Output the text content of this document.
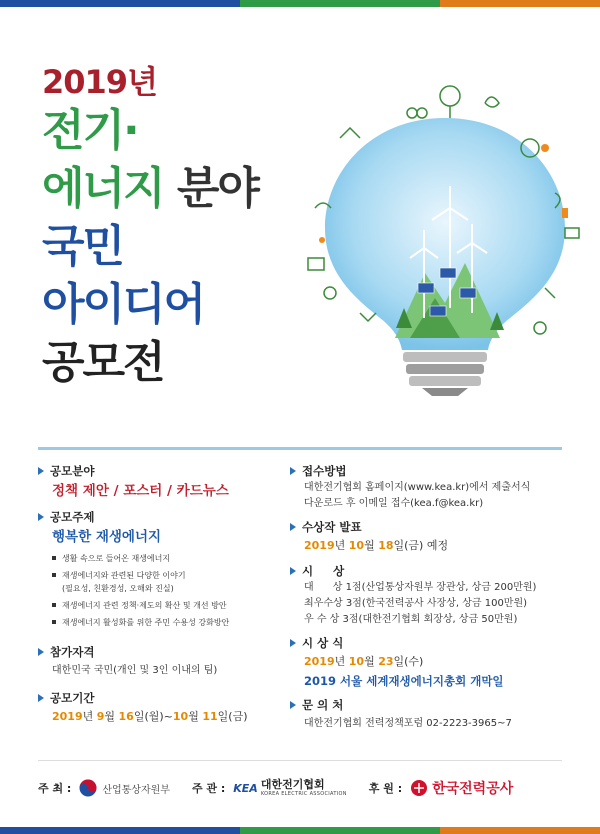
2019년
전기·
에너지 분야
국민
아이디어
공모전
공모분야
정책 제안 / 포스터 / 카드뉴스
공모주제
행복한 재생에너지
생활 속으로 들어온 재생에너지
재생에너지와 관련된 다양한 이야기
(필요성, 친환경성, 오해와 진실)
재생에너지 관련 정책·제도의 확산 및 개선 방안
재생에너지 활성화를 위한 주민 수용성 강화방안
참가자격
대한민국 국민(개인 및 3인 이내의 팀)
공모기간
2019년 9월 16일(월)~10월 11일(금)
접수방법
대한전기협회 홈페이지(www.kea.kr)에서 제출서식
다운로드 후 이메일 접수(kea.f@kea.kr)
수상작 발표
2019년 10월 18일(금) 예정
시     상
대      상 1점(산업통상자원부 장관상, 상금 200만원)
최우수상 3점(한국전력공사 사장상, 상금 100만원)
우 수 상 3점(대한전기협회 회장상, 상금 50만원)
시 상 식
2019년 10월 23일(수)
2019 서울 세계재생에너지총회 개막일
문 의 처
대한전기협회 전력정책포럼 02-2223-3965~7
주 최 :	산업통상자원부 주 관 : KEA 대한전기협회
KOREA ELECTRIC ASSOCIATION 후 원 : 한국전력공사
